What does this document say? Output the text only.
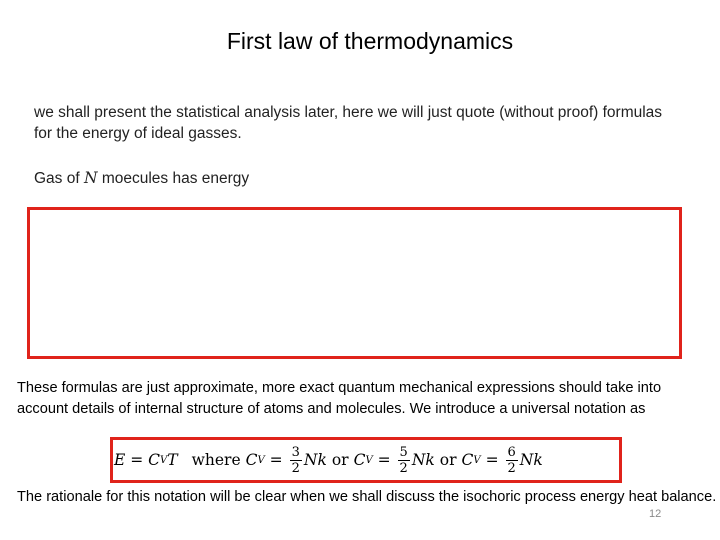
First law of thermodynamics
we shall present the statistical analysis later, here we will just quote (without proof) formulas for the energy of ideal gasses.
Gas of N moecules has energy
These formulas are just approximate, more exact quantum mechanical expressions should take into account details of internal structure of atoms and molecules. We introduce a universal notation as
E = C V T where C $V = \frac{3}{2}$ Nk or C $V = \frac{5}{2}$ Nk or C $V = \frac{6}{2}$ Nk
The rationale for this notation will be clear when we shall discuss the isochoric process energy heat balance.
12
